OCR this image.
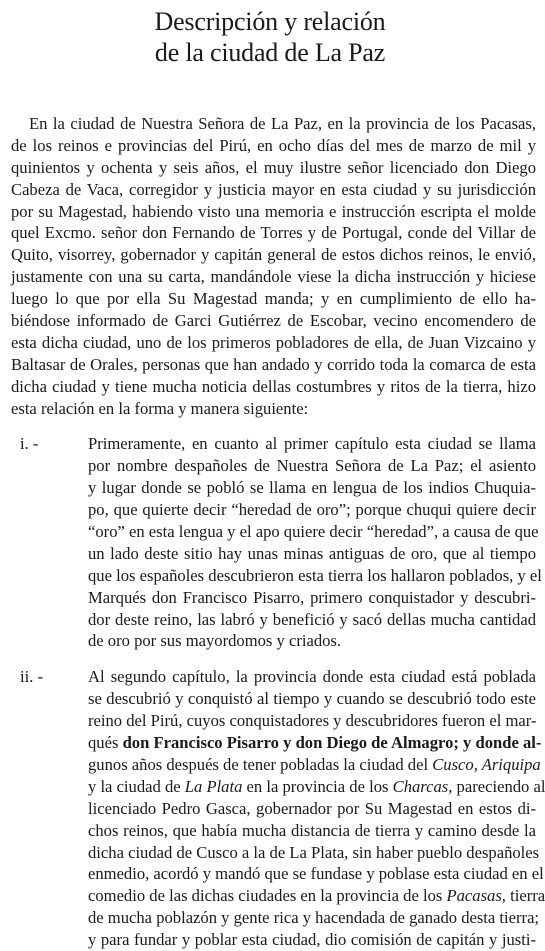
Descripción y relación
de la ciudad de La Paz
En la ciudad de Nuestra Señora de La Paz, en la provincia de los Pacasas,
de los reinos e provincias del Pirú, en ocho días del mes de marzo de mil y
quinientos y ochenta y seis años, el muy ilustre señor licenciado don Diego
Cabeza de Vaca, corregidor y justicia mayor en esta ciudad y su jurisdicción
por su Magestad, habiendo visto una memoria e instrucción escripta el molde
quel Excmo. señor don Fernando de Torres y de Portugal, conde del Villar de
Quito, visorrey, gobernador y capitán general de estos dichos reinos, le envió,
justamente con una su carta, mandándole viese la dicha instrucción y hiciese
luego lo que por ella Su Magestad manda; y en cumplimiento de ello ha-
biéndose informado de Garci Gutiérrez de Escobar, vecino encomendero de
esta dicha ciudad, uno de los primeros pobladores de ella, de Juan Vizcaino y
Baltasar de Orales, personas que han andado y corrido toda la comarca de esta
dicha ciudad y tiene mucha noticia dellas costumbres y ritos de la tierra, hizo
esta relación en la forma y manera siguiente:
i. -	Primeramente, en cuanto al primer capítulo esta ciudad se llama
por nombre despañoles de Nuestra Señora de La Paz; el asiento
y lugar donde se pobló se llama en lengua de los indios Chuquia-
po, que quierte decir “heredad de oro”; porque chuqui quiere decir
“oro” en esta lengua y el apo quiere decir “heredad”, a causa de que
un lado deste sitio hay unas minas antiguas de oro, que al tiempo
que los españoles descubrieron esta tierra los hallaron poblados, y el
Marqués don Francisco Pisarro, primero conquistador y descubri-
dor deste reino, las labró y benefició y sacó dellas mucha cantidad
de oro por sus mayordomos y criados.
ii. -	Al segundo capítulo, la provincia donde esta ciudad está poblada
se descubrió y conquistó al tiempo y cuando se descubrió todo este
reino del Pirú, cuyos conquistadores y descubridores fueron el mar-
qués don Francisco Pisarro y don Diego de Almagro; y donde al-
gunos años después de tener pobladas la ciudad del Cusco, Ariquipa
y la ciudad de La Plata en la provincia de los Charcas, pareciendo al
licenciado Pedro Gasca, gobernador por Su Magestad en estos di-
chos reinos, que había mucha distancia de tierra y camino desde la
dicha ciudad de Cusco a la de La Plata, sin haber pueblo despañoles
enmedio, acordó y mandó que se fundase y poblase esta ciudad en el
comedio de las dichas ciudades en la provincia de los Pacasas, tierra
de mucha poblazón y gente rica y hacendada de ganado desta tierra;
y para fundar y poblar esta ciudad, dio comisión de capitán y justi-
